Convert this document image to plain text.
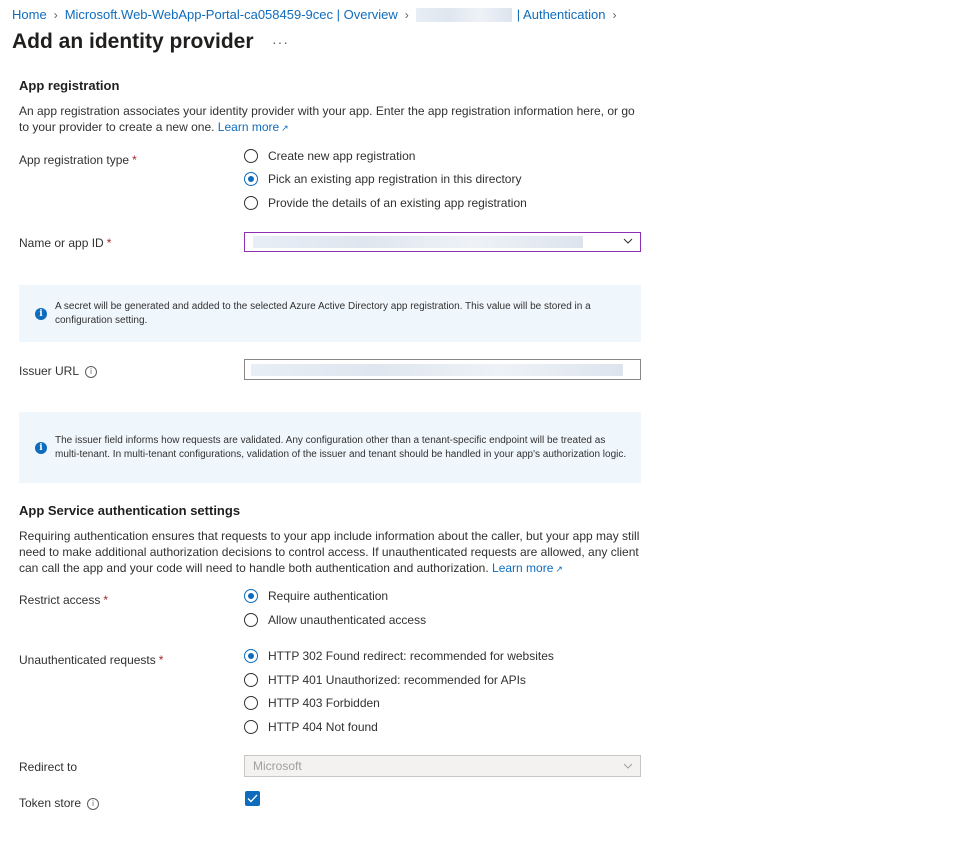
Home › Microsoft.Web-WebApp-Portal-ca058459-9cec | Overview ›	| Authentication ›
Add an identity provider ···
App registration
An app registration associates your identity provider with your app. Enter the app registration information here, or go to your provider to create a new one. Learn more ↗
App registration type *	Create new app registration
Pick an existing app registration in this directory
Provide the details of an existing app registration
Name or app ID *
i
A secret will be generated and added to the selected Azure Active Directory app registration. This value will be stored in a configuration setting.
Issuer URL i
i
The issuer field informs how requests are validated. Any configuration other than a tenant-specific endpoint will be treated as multi-tenant. In multi-tenant configurations, validation of the issuer and tenant should be handled in your app's authorization logic.
App Service authentication settings
Requiring authentication ensures that requests to your app include information about the caller, but your app may still need to make additional authorization decisions to control access. If unauthenticated requests are allowed, any client can call the app and your code will need to handle both authentication and authorization. Learn more ↗
Restrict access *	Require authentication
Allow unauthenticated access
Unauthenticated requests *	HTTP 302 Found redirect: recommended for websites
HTTP 401 Unauthorized: recommended for APIs
HTTP 403 Forbidden
HTTP 404 Not found
Redirect to	Microsoft
Token store i
